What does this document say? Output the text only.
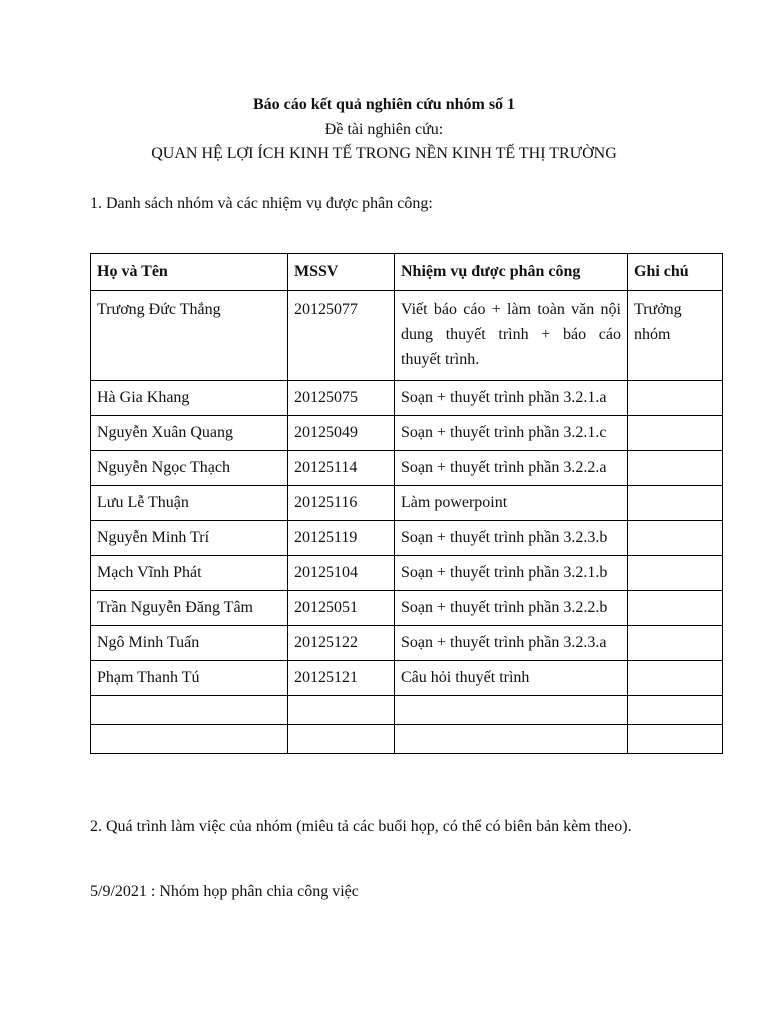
Báo cáo kết quả nghiên cứu nhóm số 1
Đề tài nghiên cứu:
QUAN HỆ LỢI ÍCH KINH TẾ TRONG NỀN KINH TẾ THỊ TRƯỜNG
1. Danh sách nhóm và các nhiệm vụ được phân công:
Họ và Tên	MSSV	Nhiệm vụ được phân công	Ghi chú
Trương Đức Thắng	20125077	Viết báo cáo + làm toàn văn nội dung thuyết trình + báo cáo thuyết trình.	Trưởng nhóm
Hà Gia Khang	20125075	Soạn + thuyết trình phần 3.2.1.a	
Nguyễn Xuân Quang	20125049	Soạn + thuyết trình phần 3.2.1.c	
Nguyễn Ngọc Thạch	20125114	Soạn + thuyết trình phần 3.2.2.a	
Lưu Lễ Thuận	20125116	Làm powerpoint	
Nguyễn Minh Trí	20125119	Soạn + thuyết trình phần 3.2.3.b	
Mạch Vĩnh Phát	20125104	Soạn + thuyết trình phần 3.2.1.b	
Trần Nguyễn Đăng Tâm	20125051	Soạn + thuyết trình phần 3.2.2.b	
Ngô Minh Tuấn	20125122	Soạn + thuyết trình phần 3.2.3.a	
Phạm Thanh Tú	20125121	Câu hỏi thuyết trình	

2. Quá trình làm việc của nhóm (miêu tả các buổi họp, có thể có biên bản kèm theo).
5/9/2021 : Nhóm họp phân chia công việc
